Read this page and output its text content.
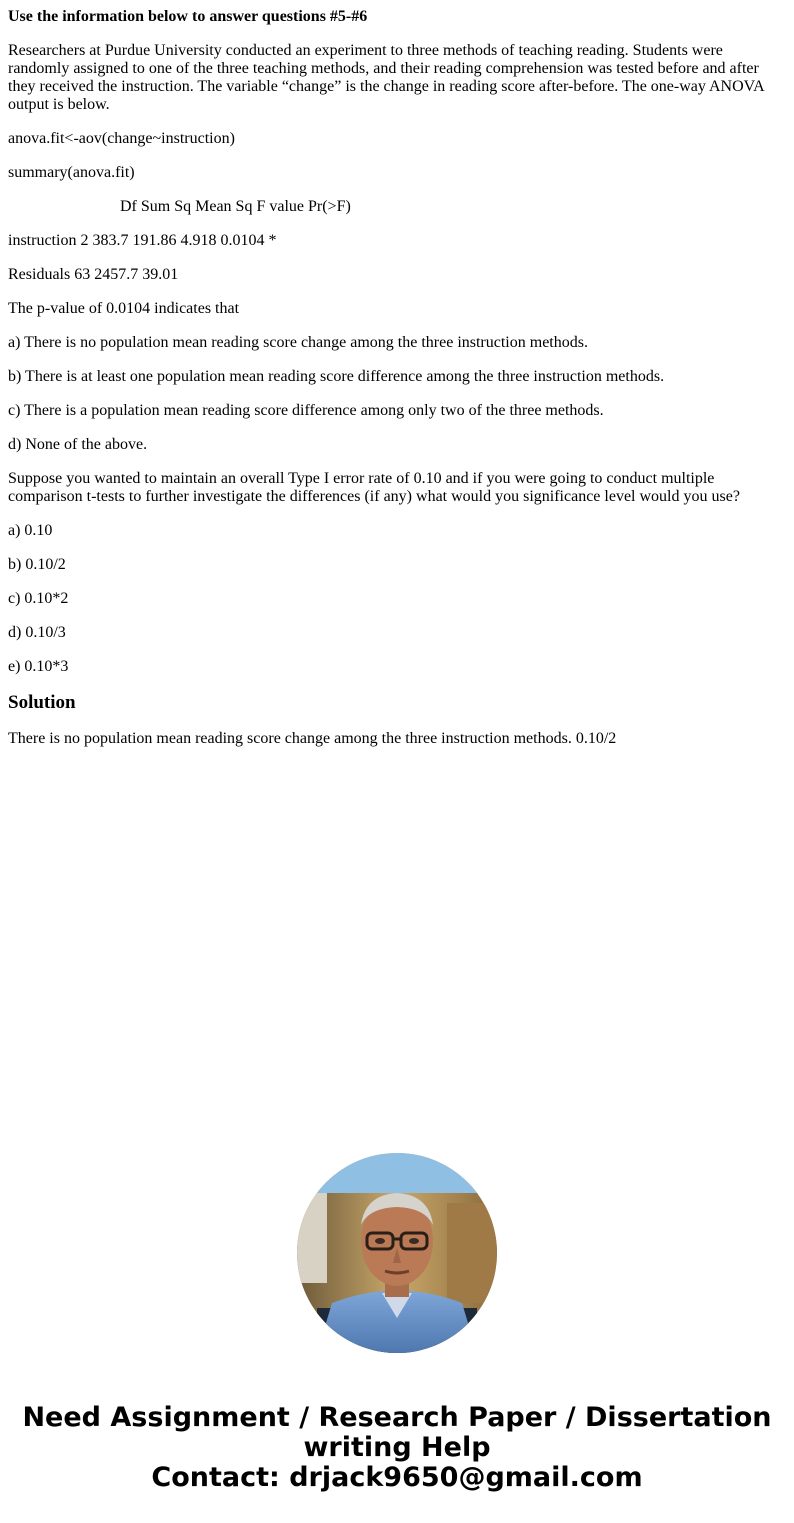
Use the information below to answer questions #5-#6

Researchers at Purdue University conducted an experiment to three methods of teaching reading. Students were randomly assigned to one of the three teaching methods, and their reading comprehension was tested before and after they received the instruction. The variable “change” is the change in reading score after-before. The one-way ANOVA output is below.

anova.fit<-aov(change~instruction)

summary(anova.fit)

Df Sum Sq Mean Sq F value Pr(>F)

instruction 2 383.7 191.86 4.918 0.0104 *

Residuals 63 2457.7 39.01

The p-value of 0.0104 indicates that

a) There is no population mean reading score change among the three instruction methods.

b) There is at least one population mean reading score difference among the three instruction methods.

c) There is a population mean reading score difference among only two of the three methods.

d) None of the above.

Suppose you wanted to maintain an overall Type I error rate of 0.10 and if you were going to conduct multiple comparison t-tests to further investigate the differences (if any) what would you significance level would you use?

a) 0.10

b) 0.10/2

c) 0.10*2

d) 0.10/3

e) 0.10*3

Solution

There is no population mean reading score change among the three instruction methods. 0.10/2

Need Assignment / Research Paper / Dissertation
writing Help
Contact: drjack9650@gmail.com
